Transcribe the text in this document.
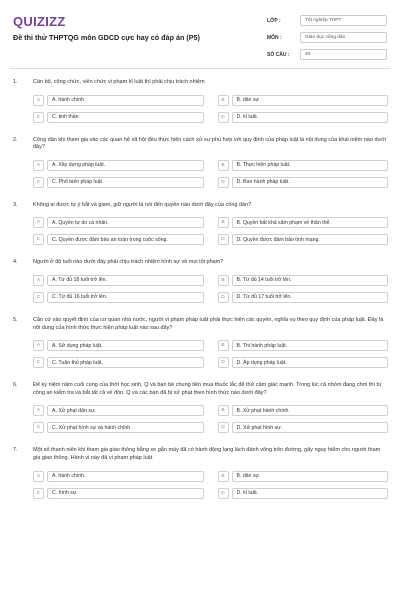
QUIZIZZ
Đề thi thử THPTQG môn GDCD cực hay có đáp án (P5)
LỚP :	Tốt nghiệp THPT
MÔN :	Giáo dục công dân
SỐ CÂU :	40
1.	Cán bộ, công chức, viên chức vi phạm kỉ luật thì phải chịu trách nhiệm
A	A. hành chính	B	B. dân sự
C	C. tinh thần	D	D. kỉ luật.
2.	Công dân khi tham gia vào các quan hệ xã hội đều thực hiện cách xử sự phù hợp với quy định của pháp luật là nội dung của khái niệm nào dưới đây?
A	A. Xây dựng pháp luật.	B	B. Thực hiện pháp luật.
C	C. Phổ biến pháp luật	D	D. Ban hành pháp luật.
3.	Không ai được tự ý bắt và giam, giữ người là nói đến quyền nào dưới đây của công dân?
A	A. Quyền tự do cá nhân.	B	B. Quyền bất khả xâm phạm về thân thể.
C	C. Quyền được đảm bảo an toàn trong cuộc sống.	D	D. Quyền được đảm bảo tính mạng.
4.	Người ở độ tuổi nào dưới đây phải chịu trách nhiệm hình sự về mọi tội phạm?
A	A. Từ đủ 18 tuổi trở lên.	B	B. Từ đủ 14 tuổi trở lên.
C	C. Từ đủ 16 tuổi trở lên.	D	D. Từ đủ 17 tuổi trở lên.
5.	Căn cứ vào quyết định của cơ quan nhà nước, người vi phạm pháp luật phải thực hiện các quyền, nghĩa vụ theo quy định của pháp luật. Đây là nội dung của hình thức thực hiện pháp luật nào sau đây?
A	A. Sử dụng pháp luật.	B	B. Thi hành pháp luật.
C	C. Tuân thủ pháp luật.	D	D. Áp dụng pháp luật.
6.	Để kỷ niệm năm cuối cùng của thời học sinh, Q và bạn bè chung tiền mua thuốc lắc để thử cảm giác mạnh. Trong lúc cả nhóm đang chơi thì bị công an kiểm tra và bắt tất cả về đồn. Q và các bạn đã bị xử phạt theo hình thức nào dưới đây?
A	A. Xử phạt dân sự.	B	B. Xử phạt hành chính.
C	C. Xử phạt hình sự và hành chính.	D	D. Xử phạt hình sự.
7.	Một số thanh niên khi tham gia giao thông bằng xe gắn máy đã có hành động lạng lách đánh võng trên đường, gây nguy hiểm cho người tham gia giao thông. Hành vi này đã vi phạm pháp luật
A	A. hành chính.	B	B. dân sự.
C	C. hình sự.	D	D. kỉ luật.
